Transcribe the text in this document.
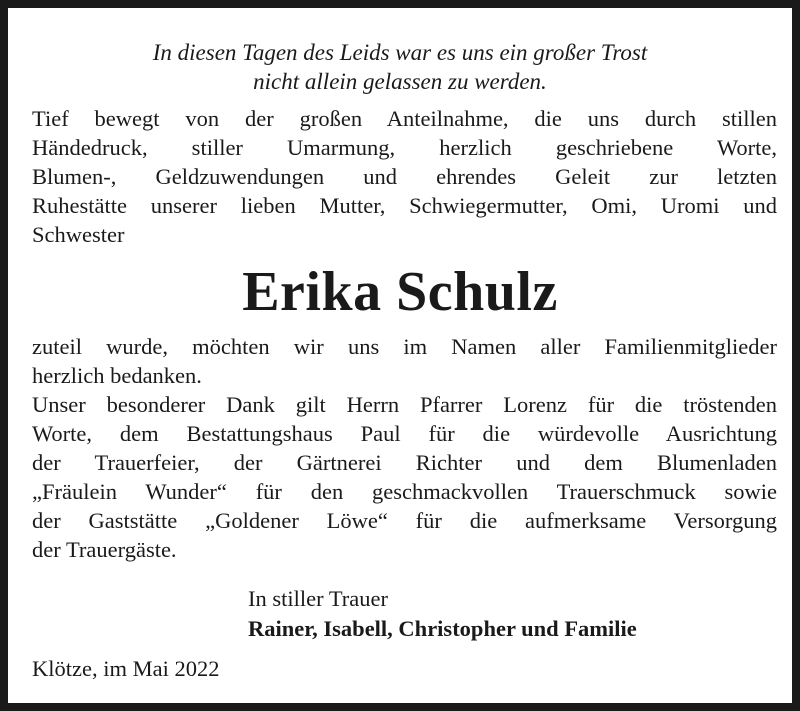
In diesen Tagen des Leids war es uns ein großer Trost
nicht allein gelassen zu werden.
Tief bewegt von der großen Anteilnahme, die uns durch stillen
Händedruck, stiller Umarmung, herzlich geschriebene Worte,
Blumen-, Geldzuwendungen und ehrendes Geleit zur letzten
Ruhestätte unserer lieben Mutter, Schwiegermutter, Omi, Uromi und
Schwester
Erika Schulz
zuteil wurde, möchten wir uns im Namen aller Familienmitglieder
herzlich bedanken.
Unser besonderer Dank gilt Herrn Pfarrer Lorenz für die tröstenden
Worte, dem Bestattungshaus Paul für die würdevolle Ausrichtung
der Trauerfeier, der Gärtnerei Richter und dem Blumenladen
„Fräulein Wunder“ für den geschmackvollen Trauerschmuck sowie
der Gaststätte „Goldener Löwe“ für die aufmerksame Versorgung
der Trauergäste.
In stiller Trauer
Rainer, Isabell, Christopher und Familie
Klötze, im Mai 2022
